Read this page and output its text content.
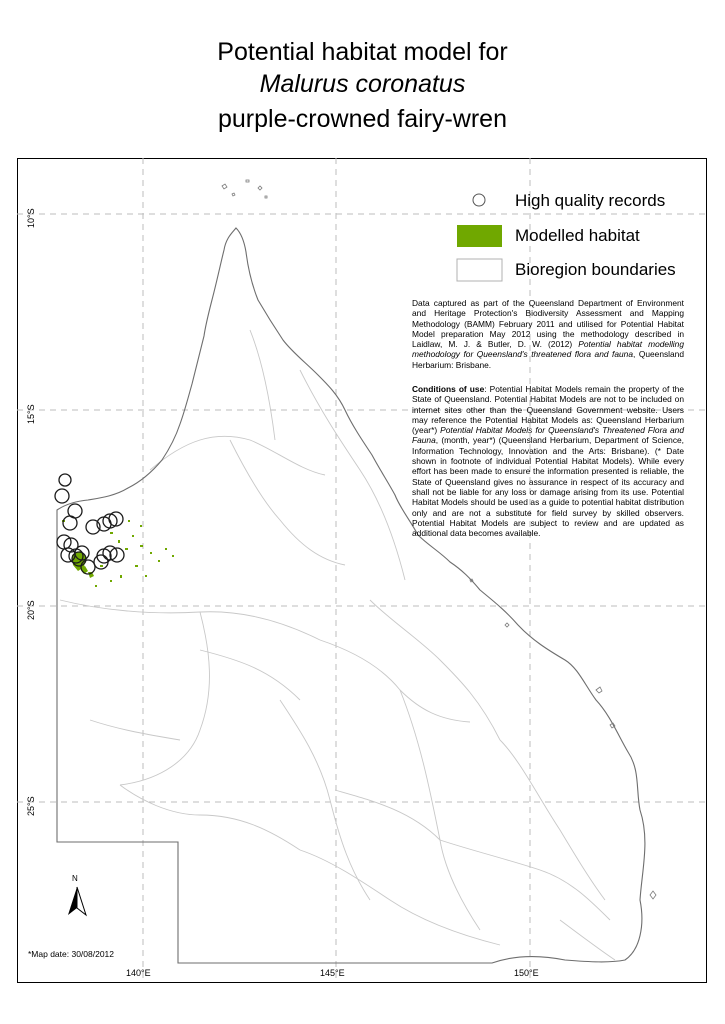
Potential habitat model for
Malurus coronatus
purple-crowned fairy-wren
High quality records
Modelled habitat
Bioregion boundaries
Data captured as part of the Queensland Department of Environment and Heritage Protection's Biodiversity Assessment and Mapping Methodology (BAMM) February 2011 and utilised for Potential Habitat Model preparation May 2012 using the methodology described in Laidlaw, M. J. & Butler, D. W. (2012) Potential habitat modelling methodology for Queensland's threatened flora and fauna, Queensland Herbarium: Brisbane.
Conditions of use: Potential Habitat Models remain the property of the State of Queensland. Potential Habitat Models are not to be included on internet sites other than the Queensland Government website. Users may reference the Potential Habitat Models as: Queensland Herbarium (year*) Potential Habitat Models for Queensland's Threatened Flora and Fauna, (month, year*) (Queensland Herbarium, Department of Science, Information Technology, Innovation and the Arts: Brisbane). (* Date shown in footnote of individual Potential Habitat Models). While every effort has been made to ensure the information presented is reliable, the State of Queensland gives no assurance in respect of its accuracy and shall not be liable for any loss or damage arising from its use. Potential Habitat Models should be used as a guide to potential habitat distribution only and are not a substitute for field survey by skilled observers. Potential Habitat Models are subject to review and are updated as additional data becomes available.
10°S
15°S
20°S
25°S
140°E	145°E	150°E
N
*Map date: 30/08/2012
